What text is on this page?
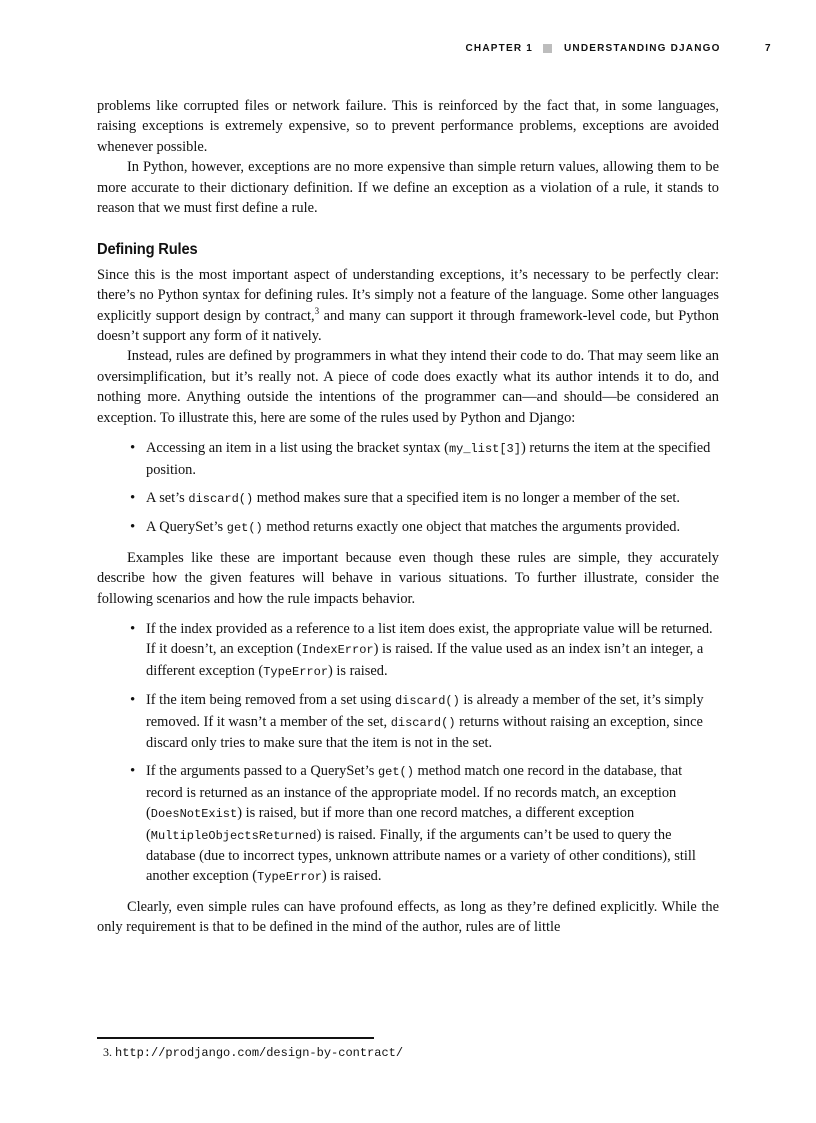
CHAPTER 1	UNDERSTANDING DJANGO	7

problems like corrupted files or network failure. This is reinforced by the fact that, in some languages, raising exceptions is extremely expensive, so to prevent performance problems, exceptions are avoided whenever possible.

In Python, however, exceptions are no more expensive than simple return values, allowing them to be more accurate to their dictionary definition. If we define an exception as a violation of a rule, it stands to reason that we must first define a rule.

Defining Rules

Since this is the most important aspect of understanding exceptions, it’s necessary to be perfectly clear: there’s no Python syntax for defining rules. It’s simply not a feature of the language. Some other languages explicitly support design by contract,$^3$ and many can support it through framework-level code, but Python doesn’t support any form of it natively.

Instead, rules are defined by programmers in what they intend their code to do. That may seem like an oversimplification, but it’s really not. A piece of code does exactly what its author intends it to do, and nothing more. Anything outside the intentions of the programmer can—and should—be considered an exception. To illustrate this, here are some of the rules used by Python and Django:

• Accessing an item in a list using the bracket syntax (my_list[3]) returns the item at the specified position.
• A set’s discard() method makes sure that a specified item is no longer a member of the set.
• A QuerySet’s get() method returns exactly one object that matches the arguments provided.

Examples like these are important because even though these rules are simple, they accurately describe how the given features will behave in various situations. To further illustrate, consider the following scenarios and how the rule impacts behavior.

• If the index provided as a reference to a list item does exist, the appropriate value will be returned. If it doesn’t, an exception (IndexError) is raised. If the value used as an index isn’t an integer, a different exception (TypeError) is raised.
• If the item being removed from a set using discard() is already a member of the set, it’s simply removed. If it wasn’t a member of the set, discard() returns without raising an exception, since discard only tries to make sure that the item is not in the set.
• If the arguments passed to a QuerySet’s get() method match one record in the database, that record is returned as an instance of the appropriate model. If no records match, an exception (DoesNotExist) is raised, but if more than one record matches, a different exception (MultipleObjectsReturned) is raised. Finally, if the arguments can’t be used to query the database (due to incorrect types, unknown attribute names or a variety of other conditions), still another exception (TypeError) is raised.

Clearly, even simple rules can have profound effects, as long as they’re defined explicitly. While the only requirement is that to be defined in the mind of the author, rules are of little

3. http://prodjango.com/design-by-contract/
